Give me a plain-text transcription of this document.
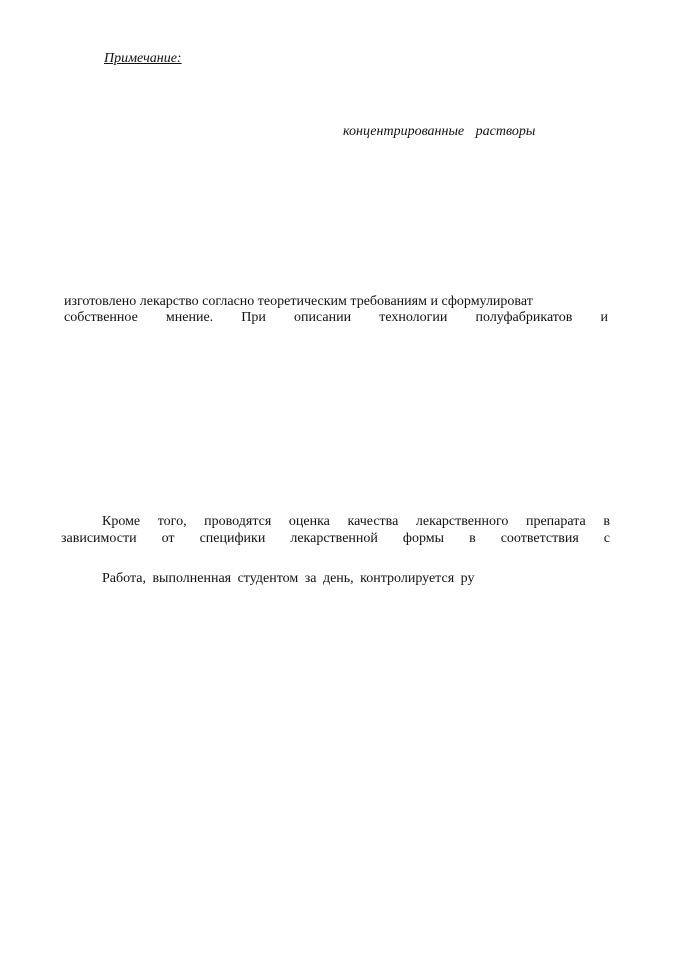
Примечание:
концентрированные растворы
изготовлено лекарство согласно теоретическим требованиям и сформулироват
собственное мнение. При описании технологии полуфабрикатов и
Кроме того, проводятся оценка качества лекарственного препарата в
зависимости от специфики лекарственной формы в соответствия с
Работа, выполненная студентом за день, контролируется ру
